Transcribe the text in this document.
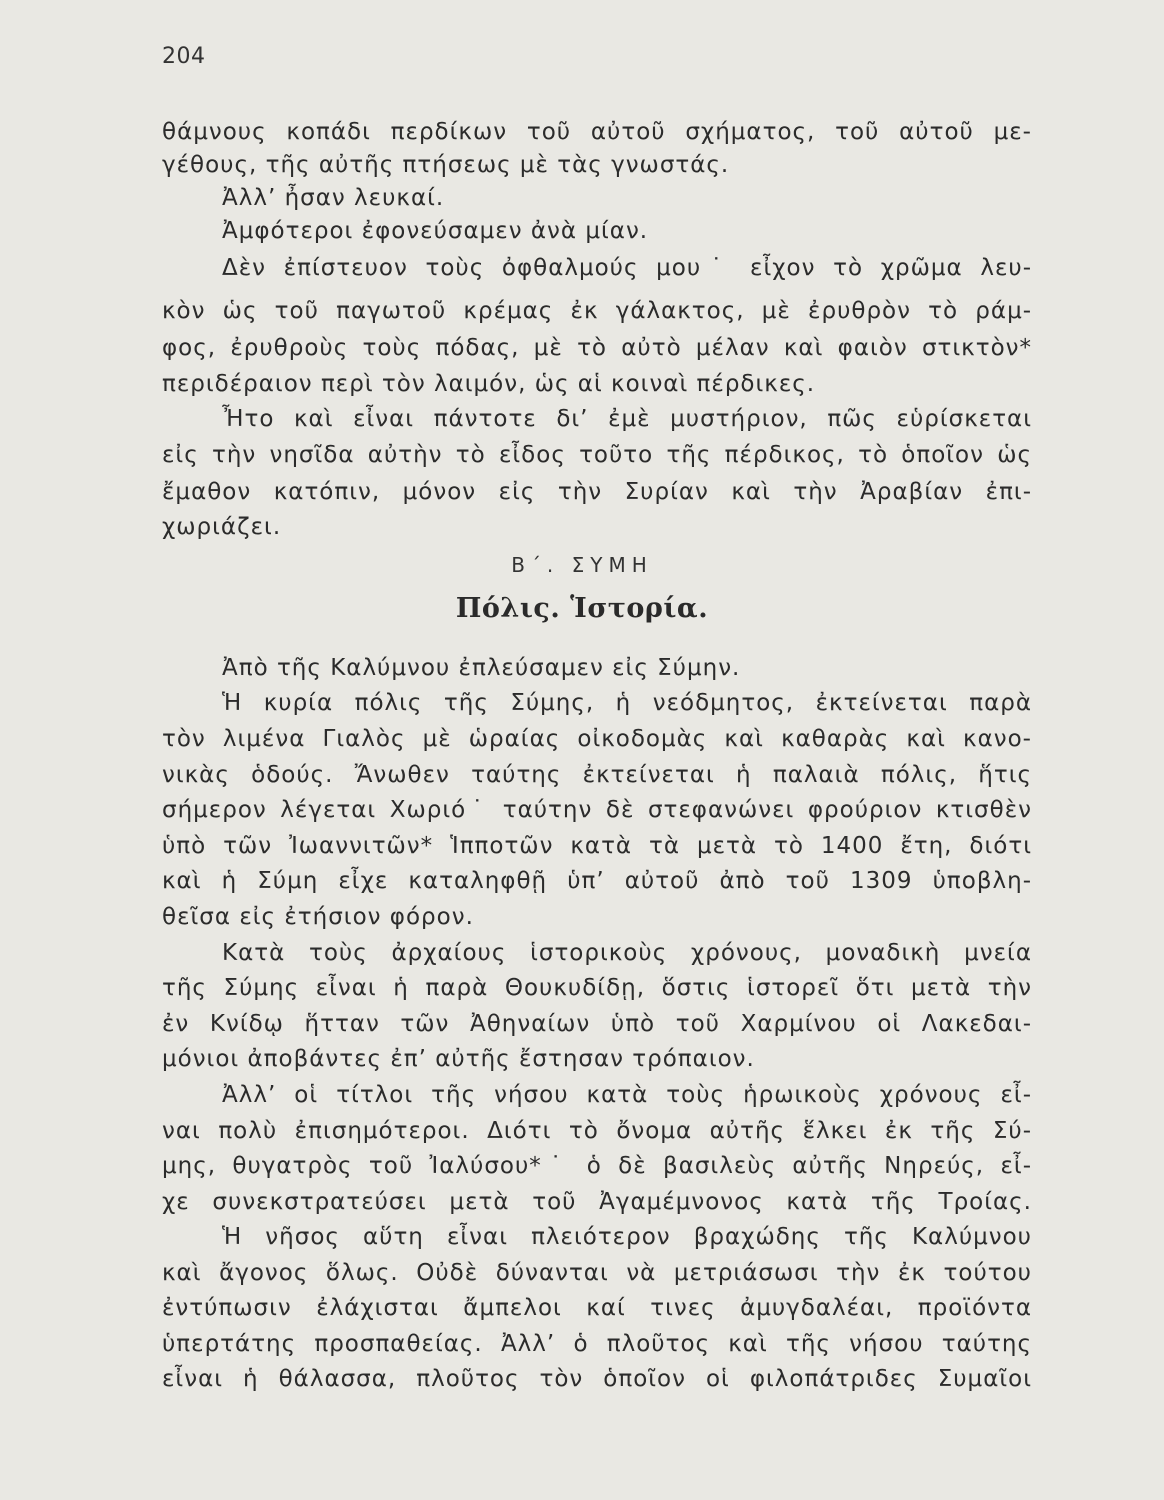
204
θάμνους κοπάδι περδίκων τοῦ αὐτοῦ σχήματος, τοῦ αὐτοῦ με-
γέθους, τῆς αὐτῆς πτήσεως μὲ τὰς γνωστάς.
Ἀλλ’ ἦσαν λευκαί.
Ἀμφότεροι ἐφονεύσαμεν ἀνὰ μίαν.
Δὲν ἐπίστευον τοὺς ὀφθαλμούς μου˙ εἶχον τὸ χρῶμα λευ-
κὸν ὡς τοῦ παγωτοῦ κρέμας ἐκ γάλακτος, μὲ ἐρυθρὸν τὸ ράμ-
φος, ἐρυθροὺς τοὺς πόδας, μὲ τὸ αὐτὸ μέλαν καὶ φαιὸν στικτὸν*
περιδέραιον περὶ τὸν λαιμόν, ὡς αἱ κοιναὶ πέρδικες.
Ἦτο καὶ εἶναι πάντοτε δι’ ἐμὲ μυστήριον, πῶς εὑρίσκεται
εἰς τὴν νησῖδα αὐτὴν τὸ εἶδος τοῦτο τῆς πέρδικος, τὸ ὁποῖον ὡς
ἔμαθον κατόπιν, μόνον εἰς τὴν Συρίαν καὶ τὴν Ἀραβίαν ἐπι-
χωριάζει.
Β΄. ΣΥΜΗ
Πόλις. Ἱστορία.
Ἀπὸ τῆς Καλύμνου ἐπλεύσαμεν εἰς Σύμην.
Ἡ κυρία πόλις τῆς Σύμης, ἡ νεόδμητος, ἐκτείνεται παρὰ
τὸν λιμένα Γιαλὸς μὲ ὡραίας οἰκοδομὰς καὶ καθαρὰς καὶ κανο-
νικὰς ὁδούς. Ἄνωθεν ταύτης ἐκτείνεται ἡ παλαιὰ πόλις, ἥτις
σήμερον λέγεται Χωριό˙ ταύτην δὲ στεφανώνει φρούριον κτισθὲν
ὑπὸ τῶν Ἰωαννιτῶν* Ἱπποτῶν κατὰ τὰ μετὰ τὸ 1400 ἔτη, διότι
καὶ ἡ Σύμη εἶχε καταληφθῇ ὑπ’ αὐτοῦ ἀπὸ τοῦ 1309 ὑποβλη-
θεῖσα εἰς ἐτήσιον φόρον.
Κατὰ τοὺς ἀρχαίους ἱστορικοὺς χρόνους, μοναδικὴ μνεία
τῆς Σύμης εἶναι ἡ παρὰ Θουκυδίδῃ, ὅστις ἱστορεῖ ὅτι μετὰ τὴν
ἐν Κνίδῳ ἥτταν τῶν Ἀθηναίων ὑπὸ τοῦ Χαρμίνου οἱ Λακεδαι-
μόνιοι ἀποβάντες ἐπ’ αὐτῆς ἔστησαν τρόπαιον.
Ἀλλ’ οἱ τίτλοι τῆς νήσου κατὰ τοὺς ἡρωικοὺς χρόνους εἶ-
ναι πολὺ ἐπισημότεροι. Διότι τὸ ὄνομα αὐτῆς ἕλκει ἐκ τῆς Σύ-
μης, θυγατρὸς τοῦ Ἰαλύσου*˙ ὁ δὲ βασιλεὺς αὐτῆς Νηρεύς, εἶ-
χε συνεκστρατεύσει μετὰ τοῦ Ἀγαμέμνονος κατὰ τῆς Τροίας.
Ἡ νῆσος αὕτη εἶναι πλειότερον βραχώδης τῆς Καλύμνου
καὶ ἄγονος ὅλως. Οὐδὲ δύνανται νὰ μετριάσωσι τὴν ἐκ τούτου
ἐντύπωσιν ἐλάχισται ἄμπελοι καί τινες ἀμυγδαλέαι, προϊόντα
ὑπερτάτης προσπαθείας. Ἀλλ’ ὁ πλοῦτος καὶ τῆς νήσου ταύτης
εἶναι ἡ θάλασσα, πλοῦτος τὸν ὁποῖον οἱ φιλοπάτριδες Συμαῖοι
